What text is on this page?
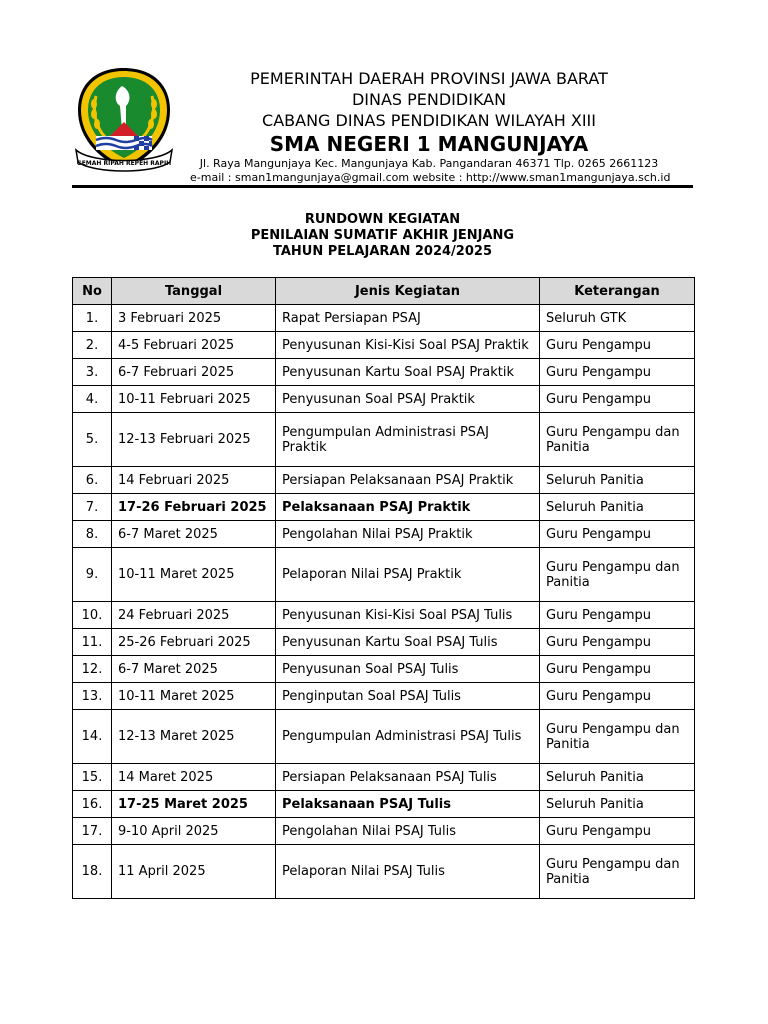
GEMAH RIPAH REPEH RAPIH
PEMERINTAH DAERAH PROVINSI JAWA BARAT
DINAS PENDIDIKAN
CABANG DINAS PENDIDIKAN WILAYAH XIII
SMA NEGERI 1 MANGUNJAYA
Jl. Raya Mangunjaya Kec. Mangunjaya Kab. Pangandaran 46371 Tlp. 0265 2661123
e-mail : sman1mangunjaya@gmail.com website : http://www.sman1mangunjaya.sch.id
RUNDOWN KEGIATAN
PENILAIAN SUMATIF AKHIR JENJANG
TAHUN PELAJARAN 2024/2025
No	Tanggal	Jenis Kegiatan	Keterangan
1.	3 Februari 2025	Rapat Persiapan PSAJ	Seluruh GTK
2.	4-5 Februari 2025	Penyusunan Kisi-Kisi Soal PSAJ Praktik	Guru Pengampu
3.	6-7 Februari 2025	Penyusunan Kartu Soal PSAJ Praktik	Guru Pengampu
4.	10-11 Februari 2025	Penyusunan Soal PSAJ Praktik	Guru Pengampu
5.	12-13 Februari 2025	Pengumpulan Administrasi PSAJ Praktik	Guru Pengampu dan Panitia
6.	14 Februari 2025	Persiapan Pelaksanaan PSAJ Praktik	Seluruh Panitia
7.	17-26 Februari 2025	Pelaksanaan PSAJ Praktik	Seluruh Panitia
8.	6-7 Maret 2025	Pengolahan Nilai PSAJ Praktik	Guru Pengampu
9.	10-11 Maret 2025	Pelaporan Nilai PSAJ Praktik	Guru Pengampu dan Panitia
10.	24 Februari 2025	Penyusunan Kisi-Kisi Soal PSAJ Tulis	Guru Pengampu
11.	25-26 Februari 2025	Penyusunan Kartu Soal PSAJ Tulis	Guru Pengampu
12.	6-7 Maret 2025	Penyusunan Soal PSAJ Tulis	Guru Pengampu
13.	10-11 Maret 2025	Penginputan Soal PSAJ Tulis	Guru Pengampu
14.	12-13 Maret 2025	Pengumpulan Administrasi PSAJ Tulis	Guru Pengampu dan Panitia
15.	14 Maret 2025	Persiapan Pelaksanaan PSAJ Tulis	Seluruh Panitia
16.	17-25 Maret 2025	Pelaksanaan PSAJ Tulis	Seluruh Panitia
17.	9-10 April 2025	Pengolahan Nilai PSAJ Tulis	Guru Pengampu
18.	11 April 2025	Pelaporan Nilai PSAJ Tulis	Guru Pengampu dan Panitia
